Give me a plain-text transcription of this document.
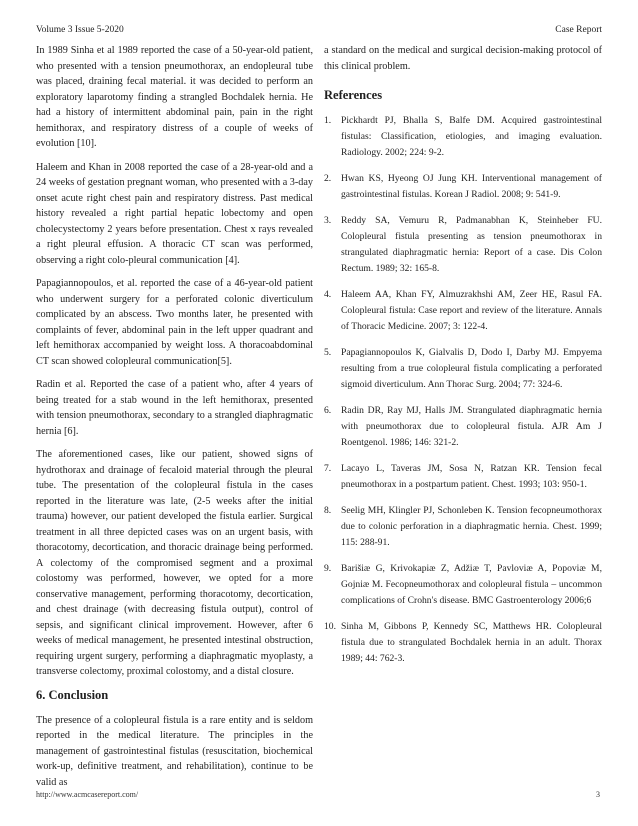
Volume 3 Issue 5-2020	Case Report

In 1989 Sinha et al 1989 reported the case of a 50-year-old patient, who presented with a tension pneumothorax, an endopleural tube was placed, draining fecal material. it was decided to perform an exploratory laparotomy finding a strangled Bochdalek hernia. He had a history of intermittent abdominal pain, pain in the right hemithorax, and respiratory distress of a couple of weeks of evolution [10].

Haleem and Khan in 2008 reported the case of a 28-year-old and a 24 weeks of gestation pregnant woman, who presented with a 3-day onset acute right chest pain and respiratory distress. Past medical history revealed a right partial hepatic lobectomy and open cholecystectomy 2 years before presentation. Chest x rays revealed a right pleural effusion. A thoracic CT scan was performed, observing a right colo-pleural communication [4].

Papagiannopoulos, et al. reported the case of a 46-year-old patient who underwent surgery for a perforated colonic diverticulum complicated by an abscess. Two months later, he presented with complaints of fever, abdominal pain in the left upper quadrant and left hemithorax accompanied by weight loss. A thoracoabdominal CT scan showed colopleural communication[5].

Radin et al. Reported the case of a patient who, after 4 years of being treated for a stab wound in the left hemithorax, presented with tension pneumothorax, secondary to a strangled diaphragmatic hernia [6].

The aforementioned cases, like our patient, showed signs of hydrothorax and drainage of fecaloid material through the pleural tube. The presentation of the colopleural fistula in the cases reported in the literature was late, (2-5 weeks after the initial trauma) however, our patient developed the fistula earlier. Surgical treatment in all three depicted cases was on an urgent basis, with thoracotomy, decortication, and thoracic drainage being performed. A colectomy of the compromised segment and a proximal colostomy was performed, however, we opted for a more conservative management, performing thoracotomy, decortication, and chest drainage (with decreasing fistula output), control of sepsis, and significant clinical improvement. However, after 6 weeks of medical management, he presented intestinal obstruction, requiring urgent surgery, performing a diaphragmatic myoplasty, a transverse colectomy, proximal colostomy, and a distal closure.

6. Conclusion

The presence of a colopleural fistula is a rare entity and is seldom reported in the medical literature. The principles in the management of gastrointestinal fistulas (resuscitation, biochemical work-up, definitive treatment, and rehabilitation), continue to be valid as

a standard on the medical and surgical decision-making protocol of this clinical problem.

References
1.	Pickhardt PJ, Bhalla S, Balfe DM. Acquired gastrointestinal fistulas: Classification, etiologies, and imaging evaluation. Radiology. 2002; 224: 9-2.
2.	Hwan KS, Hyeong OJ Jung KH. Interventional management of gastrointestinal fistulas. Korean J Radiol. 2008; 9: 541-9.
3.	Reddy SA, Vemuru R, Padmanabhan K, Steinheber FU. Colopleural fistula presenting as tension pneumothorax in strangulated diaphragmatic hernia: Report of a case. Dis Colon Rectum. 1989; 32: 165-8.
4.	Haleem AA, Khan FY, Almuzrakhshi AM, Zeer HE, Rasul FA. Colopleural fistula: Case report and review of the literature. Annals of Thoracic Medicine. 2007; 3: 122-4.
5.	Papagiannopoulos K, Gialvalis D, Dodo I, Darby MJ. Empyema resulting from a true colopleural fistula complicating a perforated sigmoid diverticulum. Ann Thorac Surg. 2004; 77: 324-6.
6.	Radin DR, Ray MJ, Halls JM. Strangulated diaphragmatic hernia with pneumothorax due to colopleural fistula. AJR Am J Roentgenol. 1986; 146: 321-2.
7.	Lacayo L, Taveras JM, Sosa N, Ratzan KR. Tension fecal pneumothorax in a postpartum patient. Chest. 1993; 103: 950-1.
8.	Seelig MH, Klingler PJ, Schonleben K. Tension fecopneumothorax due to colonic perforation in a diaphragmatic hernia. Chest. 1999; 115: 288-91.
9.	Barišiæ G, Krivokapiæ Z, Adžiæ T, Pavloviæ A, Popoviæ M, Gojniæ M. Fecopneumothorax and colopleural fistula – uncommon complications of Crohn's disease. BMC Gastroenterology 2006;6
10. Sinha M, Gibbons P, Kennedy SC, Matthews HR. Colopleural fistula due to strangulated Bochdalek hernia in an adult. Thorax 1989; 44: 762-3.
http://www.acmcasereport.com/	3
